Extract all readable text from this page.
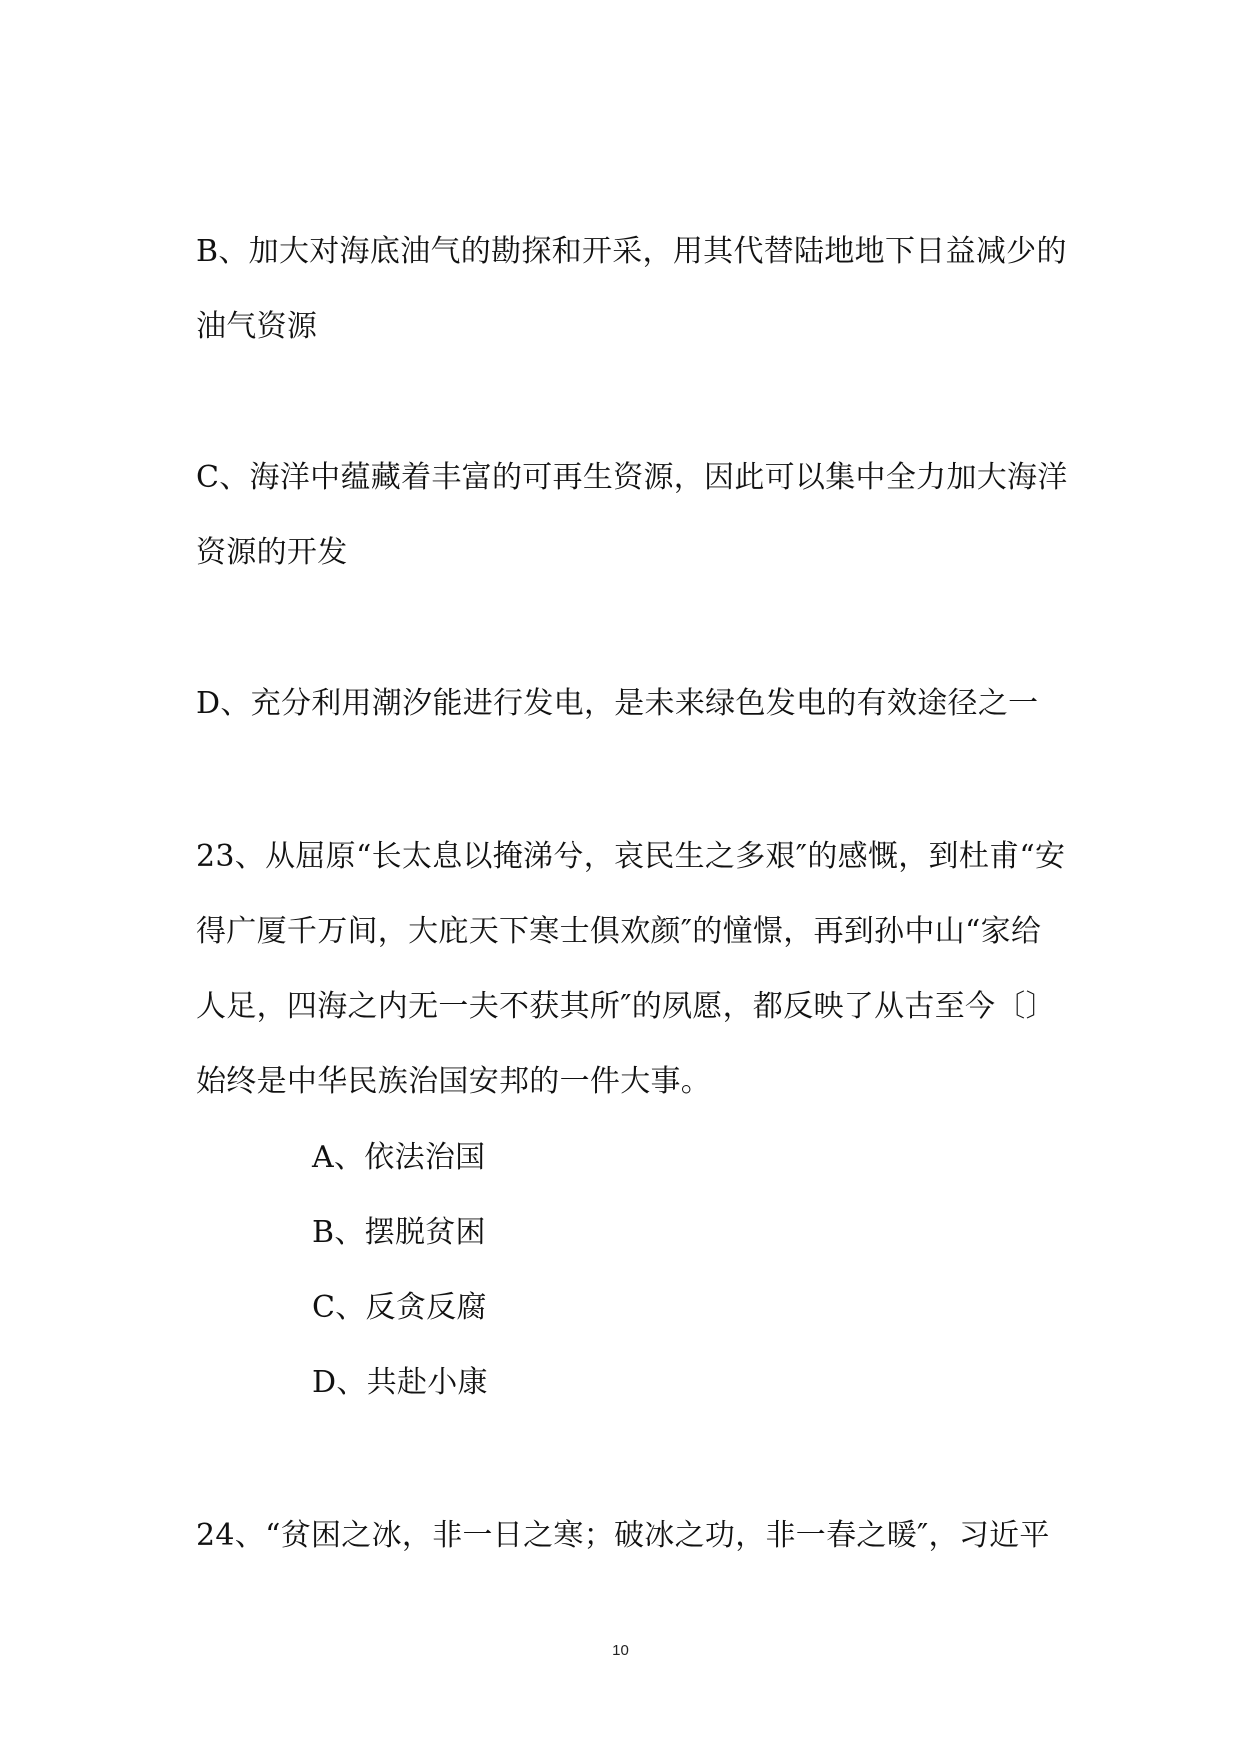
B、加大对海底油气的勘探和开采，用其代替陆地地下日益减少的
油气资源
C、海洋中蕴藏着丰富的可再生资源，因此可以集中全力加大海洋
资源的开发
D、充分利用潮汐能进行发电，是未来绿色发电的有效途径之一
23、从屈原“长太息以掩涕兮，哀民生之多艰″的感慨，到杜甫“安
得广厦千万间，大庇天下寒士俱欢颜″的憧憬，再到孙中山“家给
人足，四海之内无一夫不获其所″的夙愿，都反映了从古至今〔〕
始终是中华民族治国安邦的一件大事。
A、依法治国
B、摆脱贫困
C、反贪反腐
D、共赴小康
24、“贫困之冰，非一日之寒；破冰之功，非一春之暖″，习近平
10
